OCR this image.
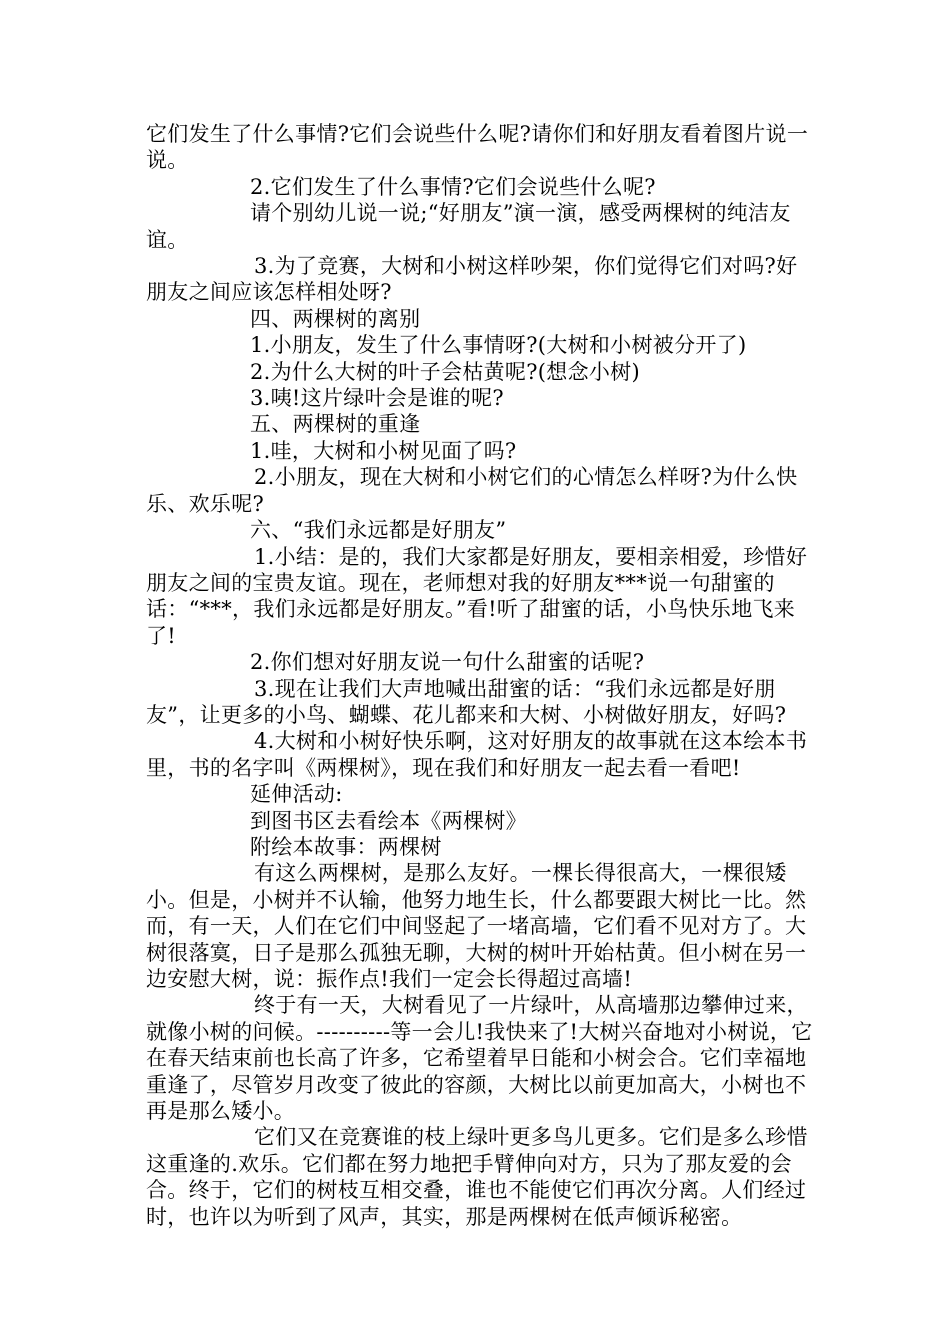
它们发生了什么事情?它们会说些什么呢?请你们和好朋友看着图片说一说。

2.它们发生了什么事情?它们会说些什么呢?

请个别幼儿说一说;“好朋友”演一演，感受两棵树的纯洁友谊。

3.为了竞赛，大树和小树这样吵架，你们觉得它们对吗?好朋友之间应该怎样相处呀?

四、两棵树的离别

1.小朋友，发生了什么事情呀?(大树和小树被分开了)

2.为什么大树的叶子会枯黄呢?(想念小树)

3.咦!这片绿叶会是谁的呢?

五、两棵树的重逢

1.哇，大树和小树见面了吗?

2.小朋友，现在大树和小树它们的心情怎么样呀?为什么快乐、欢乐呢?

六、“我们永远都是好朋友”

1.小结：是的，我们大家都是好朋友，要相亲相爱，珍惜好朋友之间的宝贵友谊。现在，老师想对我的好朋友***说一句甜蜜的话：“***，我们永远都是好朋友。”看!听了甜蜜的话，小鸟快乐地飞来了!

2.你们想对好朋友说一句什么甜蜜的话呢?

3.现在让我们大声地喊出甜蜜的话：“我们永远都是好朋友”，让更多的小鸟、蝴蝶、花儿都来和大树、小树做好朋友，好吗?

4.大树和小树好快乐啊，这对好朋友的故事就在这本绘本书里，书的名字叫《两棵树》，现在我们和好朋友一起去看一看吧!

延伸活动:

到图书区去看绘本《两棵树》

附绘本故事：两棵树

有这么两棵树，是那么友好。一棵长得很高大，一棵很矮小。但是，小树并不认输，他努力地生长，什么都要跟大树比一比。然而，有一天，人们在它们中间竖起了一堵高墙，它们看不见对方了。大树很落寞，日子是那么孤独无聊，大树的树叶开始枯黄。但小树在另一边安慰大树，说：振作点!我们一定会长得超过高墙!

终于有一天，大树看见了一片绿叶，从高墙那边攀伸过来，就像小树的问候。----------等一会儿!我快来了!大树兴奋地对小树说，它在春天结束前也长高了许多，它希望着早日能和小树会合。它们幸福地重逢了，尽管岁月改变了彼此的容颜，大树比以前更加高大，小树也不再是那么矮小。

它们又在竞赛谁的枝上绿叶更多鸟儿更多。它们是多么珍惜这重逢的.欢乐。它们都在努力地把手臂伸向对方，只为了那友爱的会合。终于，它们的树枝互相交叠，谁也不能使它们再次分离。人们经过时，也许以为听到了风声，其实，那是两棵树在低声倾诉秘密。
